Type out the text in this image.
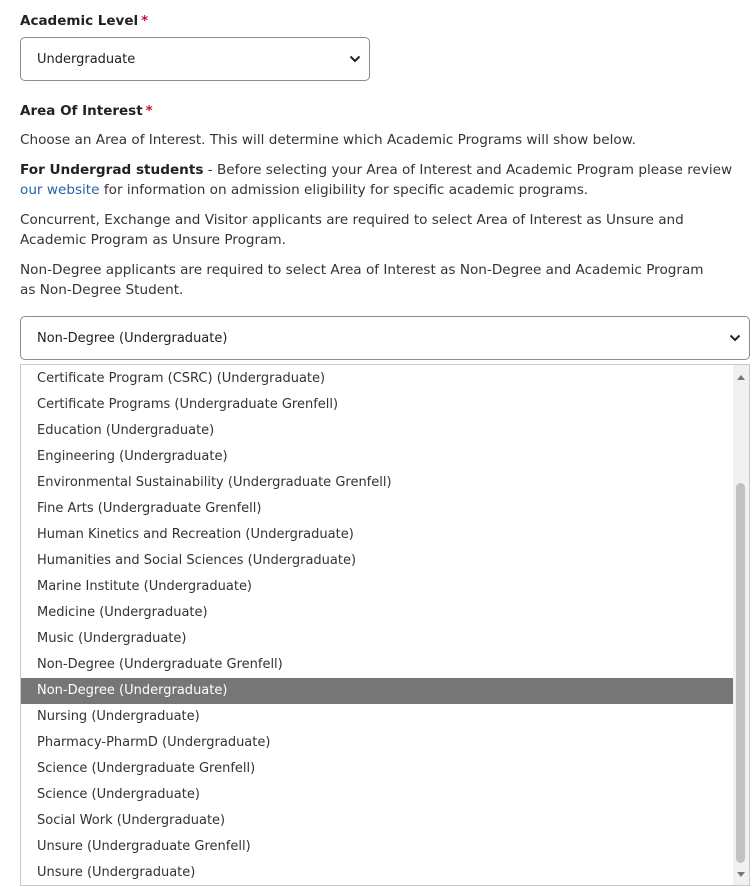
Academic Level *
Undergraduate
Area Of Interest *

Choose an Area of Interest. This will determine which Academic Programs will show below.

For Undergrad students - Before selecting your Area of Interest and Academic Program please review our website for information on admission eligibility for specific academic programs.

Concurrent, Exchange and Visitor applicants are required to select Area of Interest as Unsure and Academic Program as Unsure Program.

Non-Degree applicants are required to select Area of Interest as Non-Degree and Academic Program as Non-Degree Student.

Non-Degree (Undergraduate)
Certificate Program (CSRC) (Undergraduate)
Certificate Programs (Undergraduate Grenfell)
Education (Undergraduate)
Engineering (Undergraduate)
Environmental Sustainability (Undergraduate Grenfell)
Fine Arts (Undergraduate Grenfell)
Human Kinetics and Recreation (Undergraduate)
Humanities and Social Sciences (Undergraduate)
Marine Institute (Undergraduate)
Medicine (Undergraduate)
Music (Undergraduate)
Non-Degree (Undergraduate Grenfell)
Non-Degree (Undergraduate)
Nursing (Undergraduate)
Pharmacy-PharmD (Undergraduate)
Science (Undergraduate Grenfell)
Science (Undergraduate)
Social Work (Undergraduate)
Unsure (Undergraduate Grenfell)
Unsure (Undergraduate)
